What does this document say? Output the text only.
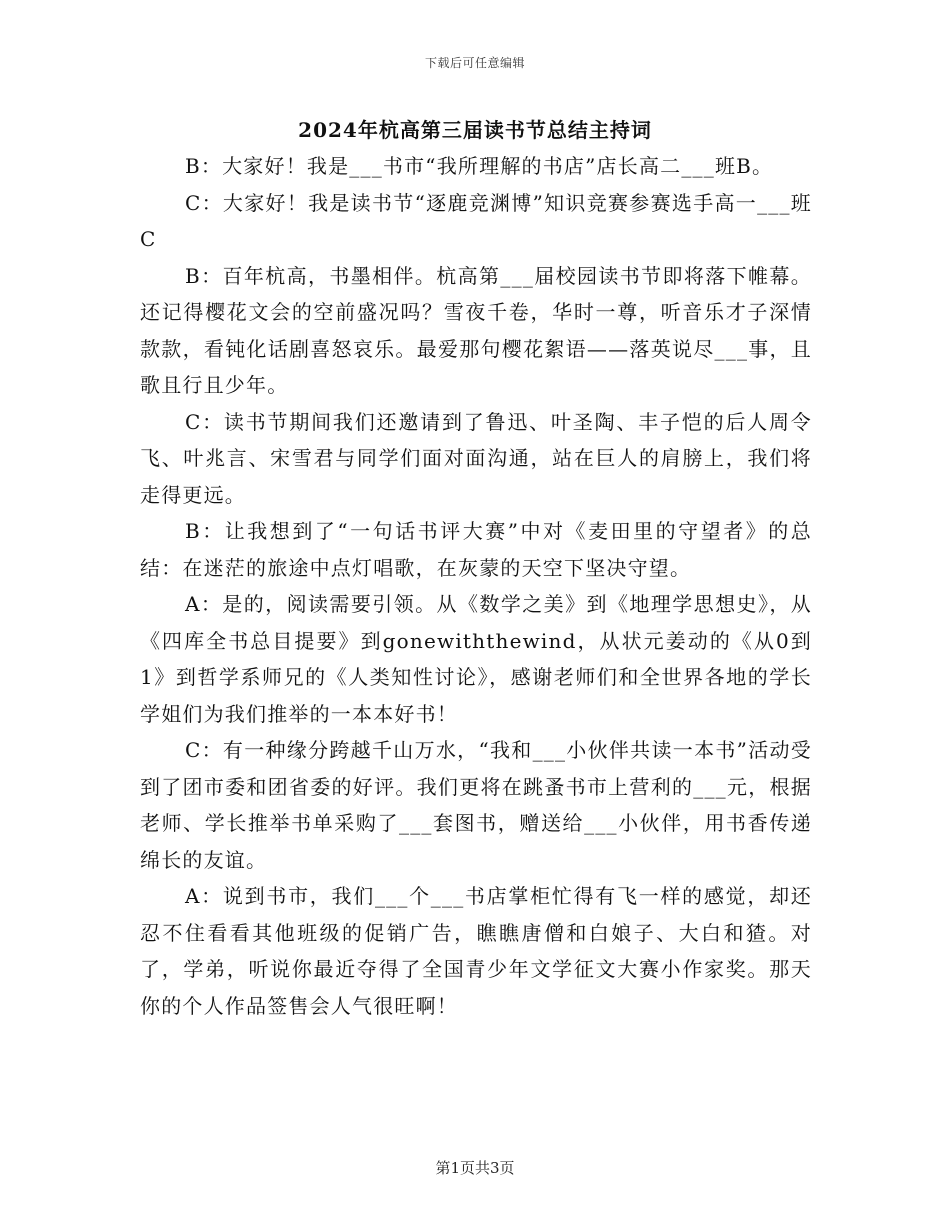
下载后可任意编辑
2024年杭高第三届读书节总结主持词

B：大家好！我是___书市“我所理解的书店”店长高二___班B。

C：大家好！我是读书节“逐鹿竞渊博”知识竞赛参赛选手高一___班C

B：百年杭高，书墨相伴。杭高第___届校园读书节即将落下帷幕。还记得樱花文会的空前盛况吗？雪夜千卷，华时一尊，听音乐才子深情款款，看钝化话剧喜怒哀乐。最爱那句樱花絮语——落英说尽___事，且歌且行且少年。

C：读书节期间我们还邀请到了鲁迅、叶圣陶、丰子恺的后人周令飞、叶兆言、宋雪君与同学们面对面沟通，站在巨人的肩膀上，我们将走得更远。

B：让我想到了“一句话书评大赛”中对《麦田里的守望者》的总结：在迷茫的旅途中点灯唱歌，在灰蒙的天空下坚决守望。

A：是的，阅读需要引领。从《数学之美》到《地理学思想史》，从《四库全书总目提要》到gonewiththewind，从状元姜动的《从0到1》到哲学系师兄的《人类知性讨论》，感谢老师们和全世界各地的学长学姐们为我们推举的一本本好书！

C：有一种缘分跨越千山万水，“我和___小伙伴共读一本书”活动受到了团市委和团省委的好评。我们更将在跳蚤书市上营利的___元，根据老师、学长推举书单采购了___套图书，赠送给___小伙伴，用书香传递绵长的友谊。

A：说到书市，我们___个___书店掌柜忙得有飞一样的感觉，却还忍不住看看其他班级的促销广告，瞧瞧唐僧和白娘子、大白和猹。对了，学弟，听说你最近夺得了全国青少年文学征文大赛小作家奖。那天你的个人作品签售会人气很旺啊！

第1页共3页
